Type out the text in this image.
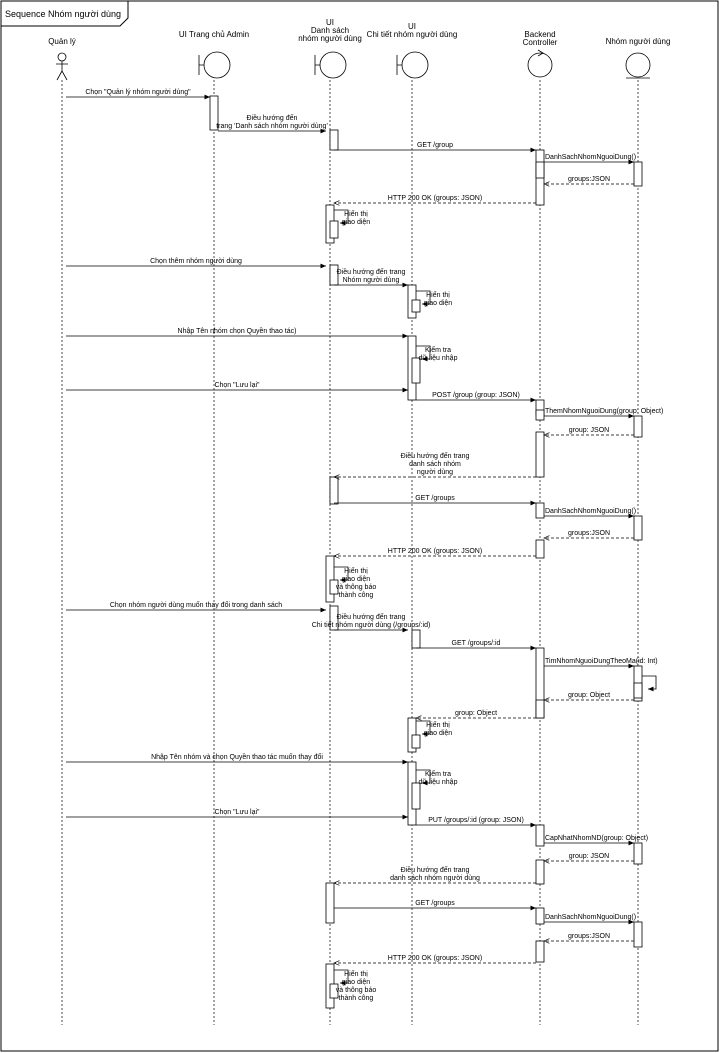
Sequence Nhóm người dùng
Quản lý
UI Trang chủ Admin
UI
Danh sách
nhóm người dùng
UI
Chi tiết nhóm người dùng	Backend
Controller	Nhóm người dùng
Chọn "Quản lý nhóm người dùng"
Điều hướng đến
trang 'Danh sách nhóm người dùng'
GET /group
DanhSachNhomNguoiDung()
groups:JSON
HTTP 200 OK (groups: JSON)
Hiển thị
giao diện
Chọn thêm nhóm người dùng
Điều hướng đến trang
Nhóm người dùng
Hiển thị
giao diện
Nhập Tên nhóm chọn Quyền thao tác)
Kiểm tra
dữ liệu nhập
Chọn "Lưu lại"
POST /group (group: JSON)
ThemNhomNguoiDung(group: Object)
group: JSON
Điều hướng đến trang
danh sách nhóm
người dùng
GET /groups
DanhSachNhomNguoiDung()
groups:JSON
HTTP 200 OK (groups: JSON)
Hiển thị
giao diện
và thông báo
thành công
Chọn nhóm người dùng muốn thay đổi trong danh sách
Điều hướng đến trang
Chi tiết nhóm người dùng (/groups/:id)
GET /groups/:id
TimNhomNguoiDungTheoMa(id: Int)
group: Object
group: Object
Hiển thị
giao diện
Nhập Tên nhóm và chọn Quyền thao tác muốn thay đổi
Kiểm tra
dữ liệu nhập
Chọn "Lưu lại"
PUT /groups/:id (group: JSON)
CapNhatNhomND(group: Object)
group: JSON
Điều hướng đến trang
danh sách nhóm người dùng
GET /groups
DanhSachNhomNguoiDung()
groups:JSON
HTTP 200 OK (groups: JSON)
Hiển thị
giao diện
và thông báo
thành công
